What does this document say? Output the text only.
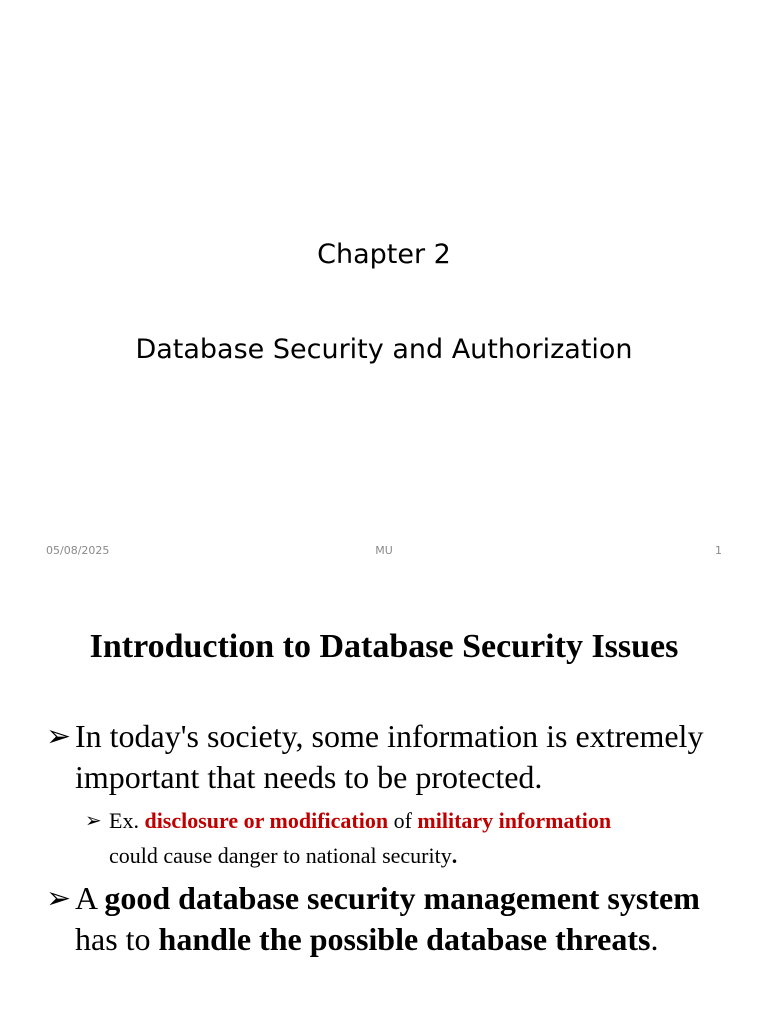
Chapter 2
Database Security and Authorization
05/08/2025	MU	1
Introduction to Database Security Issues
➢ In today's society, some information is extremely important that needs to be protected.
➢ Ex. disclosure or modification of military information
could cause danger to national security.
➢ A good database security management system has to handle the possible database threats.
